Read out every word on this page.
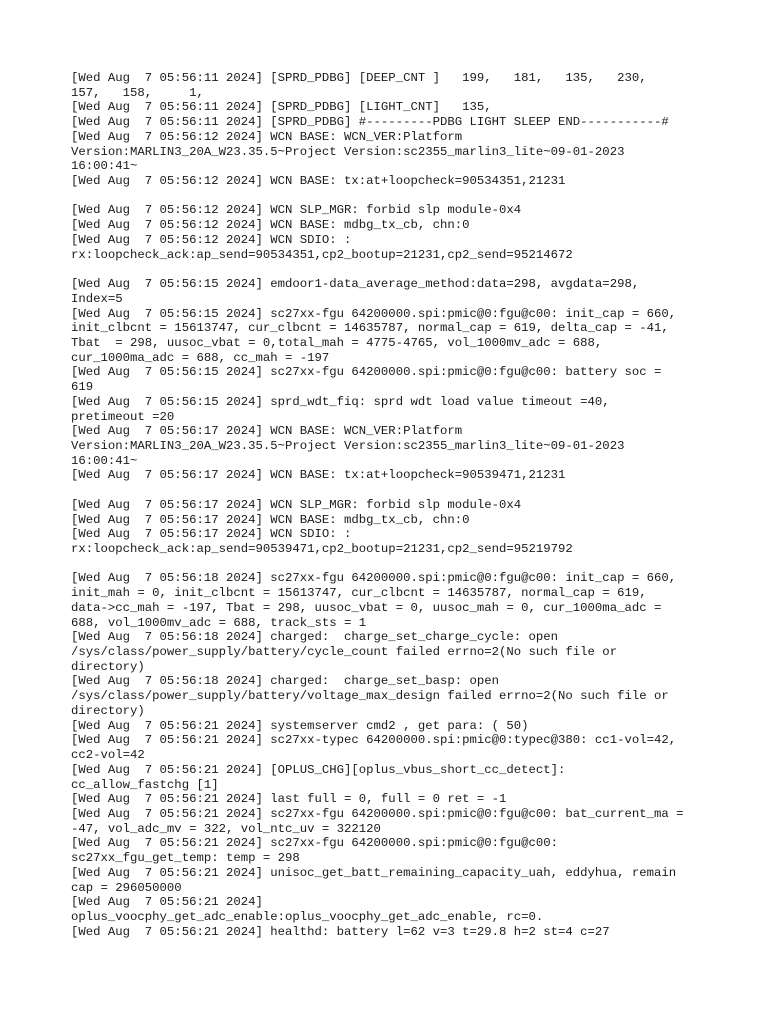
[Wed Aug  7 05:56:11 2024] [SPRD_PDBG] [DEEP_CNT ]   199,   181,   135,   230,
157,   158,     1,
[Wed Aug  7 05:56:11 2024] [SPRD_PDBG] [LIGHT_CNT]   135,
[Wed Aug  7 05:56:11 2024] [SPRD_PDBG] #---------PDBG LIGHT SLEEP END-----------#
[Wed Aug  7 05:56:12 2024] WCN BASE: WCN_VER:Platform
Version:MARLIN3_20A_W23.35.5~Project Version:sc2355_marlin3_lite~09-01-2023
16:00:41~
[Wed Aug  7 05:56:12 2024] WCN BASE: tx:at+loopcheck=90534351,21231
[Wed Aug  7 05:56:12 2024] WCN SLP_MGR: forbid slp module-0x4
[Wed Aug  7 05:56:12 2024] WCN BASE: mdbg_tx_cb, chn:0
[Wed Aug  7 05:56:12 2024] WCN SDIO: :
rx:loopcheck_ack:ap_send=90534351,cp2_bootup=21231,cp2_send=95214672
[Wed Aug  7 05:56:15 2024] emdoor1-data_average_method:data=298, avgdata=298,
Index=5
[Wed Aug  7 05:56:15 2024] sc27xx-fgu 64200000.spi:pmic@0:fgu@c00: init_cap = 660,
init_clbcnt = 15613747, cur_clbcnt = 14635787, normal_cap = 619, delta_cap = -41,
Tbat  = 298, uusoc_vbat = 0,total_mah = 4775-4765, vol_1000mv_adc = 688,
cur_1000ma_adc = 688, cc_mah = -197
[Wed Aug  7 05:56:15 2024] sc27xx-fgu 64200000.spi:pmic@0:fgu@c00: battery soc =
619
[Wed Aug  7 05:56:15 2024] sprd_wdt_fiq: sprd wdt load value timeout =40,
pretimeout =20
[Wed Aug  7 05:56:17 2024] WCN BASE: WCN_VER:Platform
Version:MARLIN3_20A_W23.35.5~Project Version:sc2355_marlin3_lite~09-01-2023
16:00:41~
[Wed Aug  7 05:56:17 2024] WCN BASE: tx:at+loopcheck=90539471,21231
[Wed Aug  7 05:56:17 2024] WCN SLP_MGR: forbid slp module-0x4
[Wed Aug  7 05:56:17 2024] WCN BASE: mdbg_tx_cb, chn:0
[Wed Aug  7 05:56:17 2024] WCN SDIO: :
rx:loopcheck_ack:ap_send=90539471,cp2_bootup=21231,cp2_send=95219792
[Wed Aug  7 05:56:18 2024] sc27xx-fgu 64200000.spi:pmic@0:fgu@c00: init_cap = 660,
init_mah = 0, init_clbcnt = 15613747, cur_clbcnt = 14635787, normal_cap = 619,
data->cc_mah = -197, Tbat = 298, uusoc_vbat = 0, uusoc_mah = 0, cur_1000ma_adc =
688, vol_1000mv_adc = 688, track_sts = 1
[Wed Aug  7 05:56:18 2024] charged:  charge_set_charge_cycle: open
/sys/class/power_supply/battery/cycle_count failed errno=2(No such file or
directory)
[Wed Aug  7 05:56:18 2024] charged:  charge_set_basp: open
/sys/class/power_supply/battery/voltage_max_design failed errno=2(No such file or
directory)
[Wed Aug  7 05:56:21 2024] systemserver cmd2 , get para: ( 50)
[Wed Aug  7 05:56:21 2024] sc27xx-typec 64200000.spi:pmic@0:typec@380: cc1-vol=42,
cc2-vol=42
[Wed Aug  7 05:56:21 2024] [OPLUS_CHG][oplus_vbus_short_cc_detect]:
cc_allow_fastchg [1]
[Wed Aug  7 05:56:21 2024] last full = 0, full = 0 ret = -1
[Wed Aug  7 05:56:21 2024] sc27xx-fgu 64200000.spi:pmic@0:fgu@c00: bat_current_ma =
-47, vol_adc_mv = 322, vol_ntc_uv = 322120
[Wed Aug  7 05:56:21 2024] sc27xx-fgu 64200000.spi:pmic@0:fgu@c00:
sc27xx_fgu_get_temp: temp = 298
[Wed Aug  7 05:56:21 2024] unisoc_get_batt_remaining_capacity_uah, eddyhua, remain
cap = 296050000
[Wed Aug  7 05:56:21 2024]
oplus_voocphy_get_adc_enable:oplus_voocphy_get_adc_enable, rc=0.
[Wed Aug  7 05:56:21 2024] healthd: battery l=62 v=3 t=29.8 h=2 st=4 c=27
